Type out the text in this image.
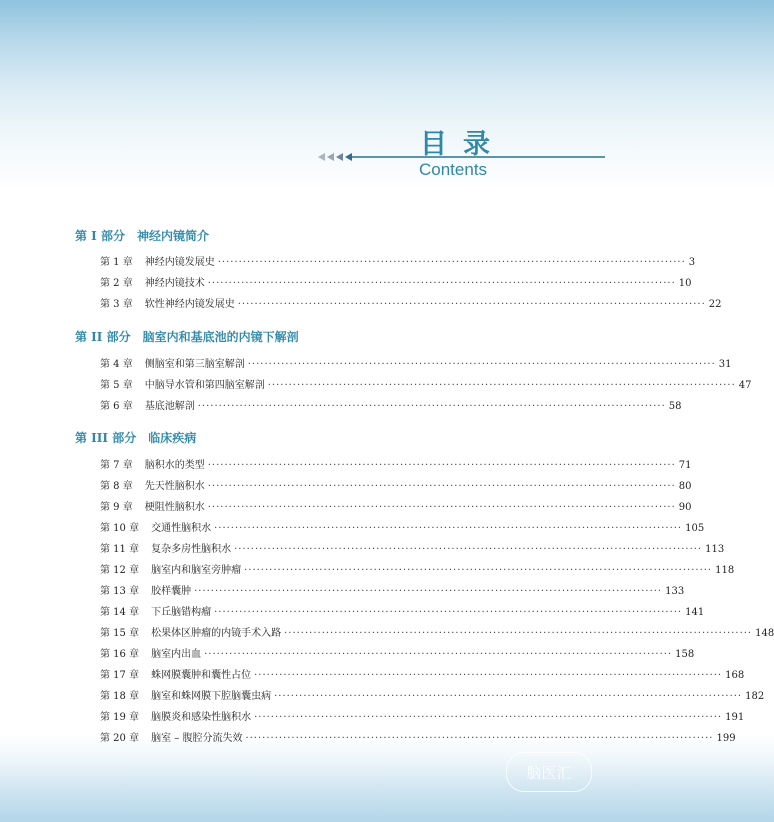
目录
Contents
第 I 部分 神经内镜简介
第 1 章 神经内镜发展史 ················································································································ 3
第 2 章 神经内镜技术 ················································································································ 10
第 3 章 软性神经内镜发展史 ················································································································ 22
第 II 部分 脑室内和基底池的内镜下解剖
第 4 章 侧脑室和第三脑室解剖 ················································································································ 31
第 5 章 中脑导水管和第四脑室解剖 ················································································································ 47
第 6 章 基底池解剖 ················································································································ 58
第 III 部分 临床疾病
第 7 章 脑积水的类型 ················································································································ 71
第 8 章 先天性脑积水 ················································································································ 80
第 9 章 梗阻性脑积水 ················································································································ 90
第 10 章 交通性脑积水 ················································································································ 105
第 11 章 复杂多房性脑积水 ················································································································ 113
第 12 章 脑室内和脑室旁肿瘤 ················································································································ 118
第 13 章 胶样囊肿 ················································································································ 133
第 14 章 下丘脑错构瘤 ················································································································ 141
第 15 章 松果体区肿瘤的内镜手术入路 ················································································································ 148
第 16 章 脑室内出血 ················································································································ 158
第 17 章 蛛网膜囊肿和囊性占位 ················································································································ 168
第 18 章 脑室和蛛网膜下腔脑囊虫病 ················································································································ 182
第 19 章 脑膜炎和感染性脑积水 ················································································································ 191
第 20 章 脑室 – 腹腔分流失效 ················································································································ 199
脑医汇
